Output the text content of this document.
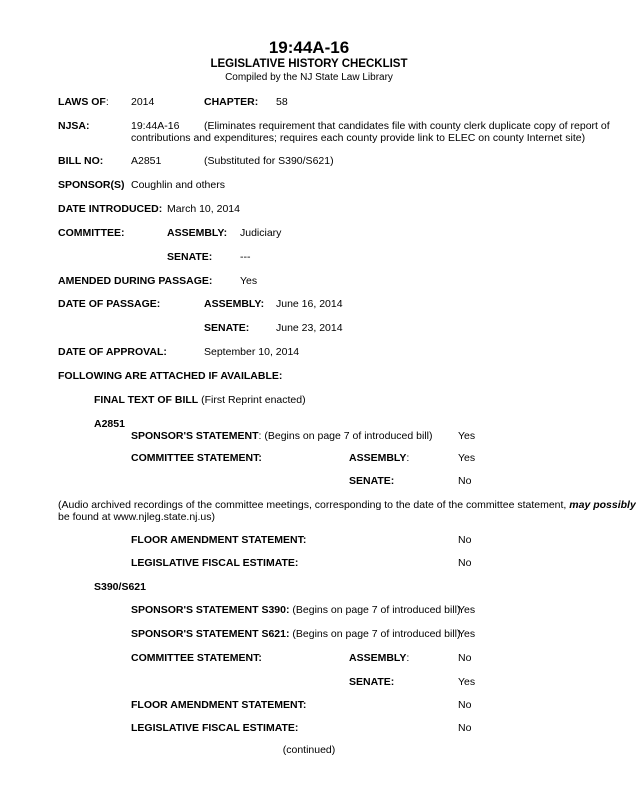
19:44A-16
LEGISLATIVE HISTORY CHECKLIST
Compiled by the NJ State Law Library
LAWS OF: 2014	CHAPTER: 58
NJSA:	19:44A-16 (Eliminates requirement that candidates file with county clerk duplicate copy of report of
contributions and expenditures; requires each county provide link to ELEC on county Internet site)
BILL NO:	A2851	(Substituted for S390/S621)
SPONSOR(S) Coughlin and others
DATE INTRODUCED: March 10, 2014
COMMITTEE:	ASSEMBLY: Judiciary
SENATE:	---
AMENDED DURING PASSAGE:	Yes
DATE OF PASSAGE:	ASSEMBLY: June 16, 2014
SENATE:	June 23, 2014
DATE OF APPROVAL:	September 10, 2014
FOLLOWING ARE ATTACHED IF AVAILABLE:
FINAL TEXT OF BILL (First Reprint enacted)
A2851
SPONSOR'S STATEMENT: (Begins on page 7 of introduced bill) Yes
COMMITTEE STATEMENT:	ASSEMBLY:	Yes
SENATE:	No
(Audio archived recordings of the committee meetings, corresponding to the date of the committee statement, may possibly
be found at www.njleg.state.nj.us)
FLOOR AMENDMENT STATEMENT:	No
LEGISLATIVE FISCAL ESTIMATE:	No
S390/S621
SPONSOR'S STATEMENT S390: (Begins on page 7 of introduced bill)
Yes
SPONSOR'S STATEMENT S621: (Begins on page 7 of introduced bill)
Yes
COMMITTEE STATEMENT:	ASSEMBLY:	No
SENATE:	Yes
FLOOR AMENDMENT STATEMENT:	No
LEGISLATIVE FISCAL ESTIMATE:	No
(continued)
